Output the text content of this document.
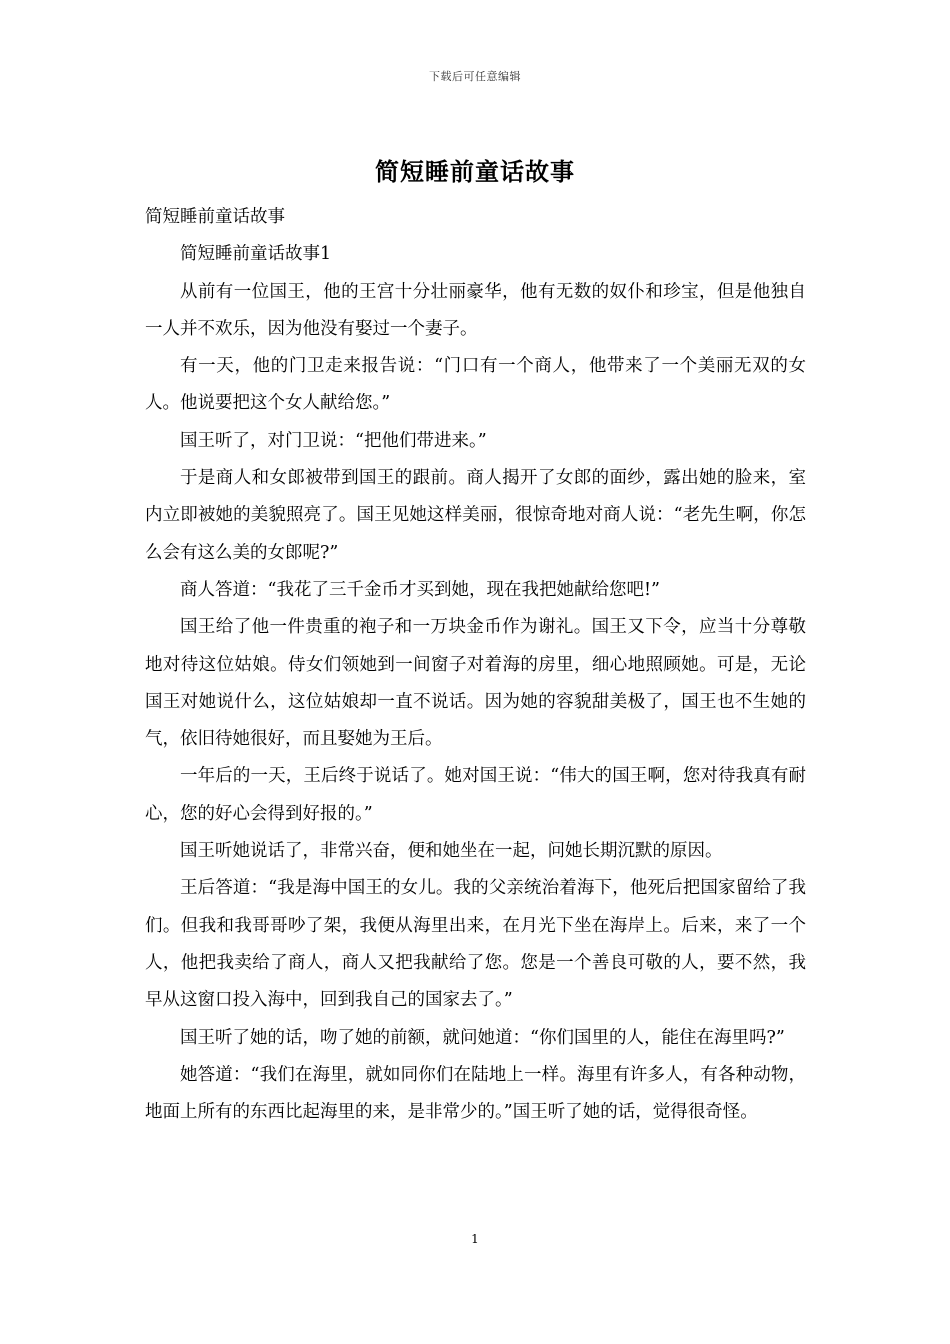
下载后可任意编辑
简短睡前童话故事

简短睡前童话故事

简短睡前童话故事1

从前有一位国王，他的王宫十分壮丽豪华，他有无数的奴仆和珍宝，但是他独自一人并不欢乐，因为他没有娶过一个妻子。

有一天，他的门卫走来报告说：“门口有一个商人，他带来了一个美丽无双的女人。他说要把这个女人献给您。”

国王听了，对门卫说：“把他们带进来。”

于是商人和女郎被带到国王的跟前。商人揭开了女郎的面纱，露出她的脸来，室内立即被她的美貌照亮了。国王见她这样美丽，很惊奇地对商人说：“老先生啊，你怎么会有这么美的女郎呢?”

商人答道：“我花了三千金币才买到她，现在我把她献给您吧!”

国王给了他一件贵重的袍子和一万块金币作为谢礼。国王又下令，应当十分尊敬地对待这位姑娘。侍女们领她到一间窗子对着海的房里，细心地照顾她。可是，无论国王对她说什么，这位姑娘却一直不说话。因为她的容貌甜美极了，国王也不生她的气，依旧待她很好，而且娶她为王后。

一年后的一天，王后终于说话了。她对国王说：“伟大的国王啊，您对待我真有耐心，您的好心会得到好报的。”

国王听她说话了，非常兴奋，便和她坐在一起，问她长期沉默的原因。

王后答道：“我是海中国王的女儿。我的父亲统治着海下，他死后把国家留给了我们。但我和我哥哥吵了架，我便从海里出来，在月光下坐在海岸上。后来，来了一个人，他把我卖给了商人，商人又把我献给了您。您是一个善良可敬的人，要不然，我早从这窗口投入海中，回到我自己的国家去了。”

国王听了她的话，吻了她的前额，就问她道：“你们国里的人，能住在海里吗?”

她答道：“我们在海里，就如同你们在陆地上一样。海里有许多人，有各种动物，地面上所有的东西比起海里的来，是非常少的。”国王听了她的话，觉得很奇怪。

1
